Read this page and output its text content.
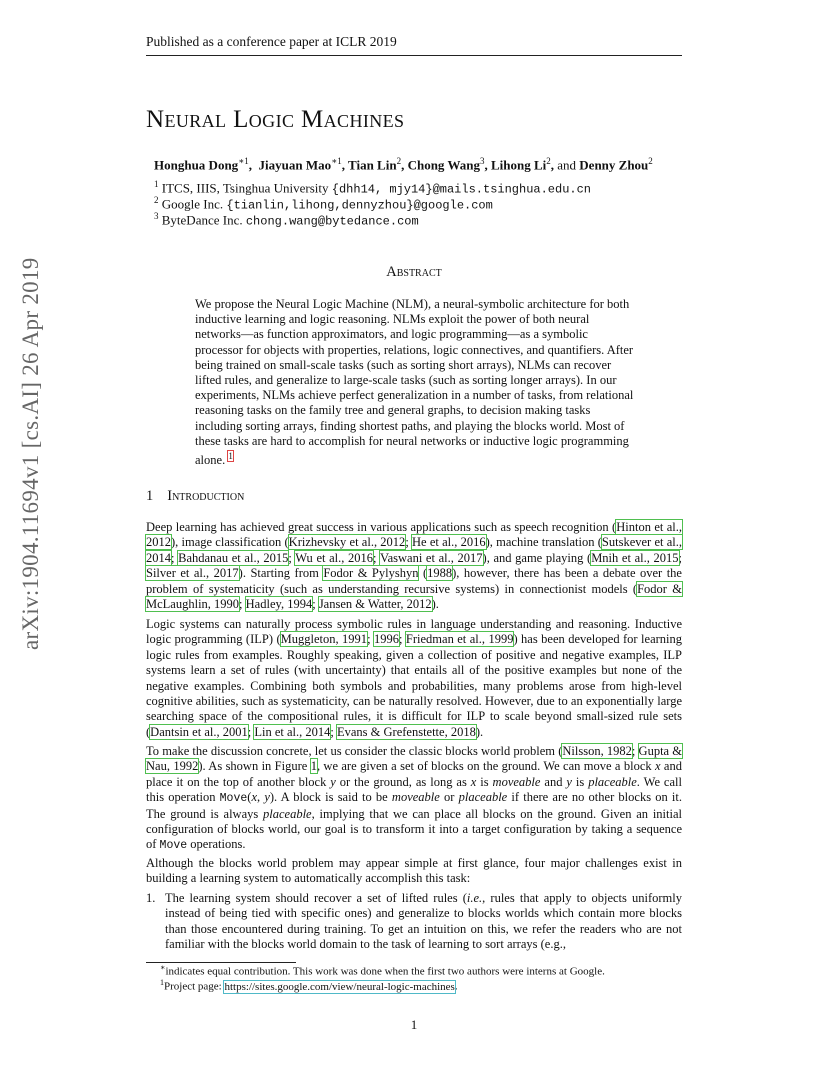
arXiv:1904.11694v1 [cs.AI] 26 Apr 2019
Published as a conference paper at ICLR 2019
Neural Logic Machines
Honghua Dong$^{∗1}$,  Jiayuan Mao$^{∗1}$, Tian Lin$^2$, Chong Wang$^3$, Lihong Li$^2$, and Denny Zhou$^2$
$^1$ ITCS, IIIS, Tsinghua University {dhh14, mjy14}@mails.tsinghua.edu.cn
$^2$ Google Inc. {tianlin,lihong,dennyzhou}@google.com
$^3$ ByteDance Inc. chong.wang@bytedance.com
Abstract
We propose the Neural Logic Machine (NLM), a neural-symbolic architecture for both inductive learning and logic reasoning. NLMs exploit the power of both neural networks—as function approximators, and logic programming—as a symbolic processor for objects with properties, relations, logic connectives, and quantifiers. After being trained on small-scale tasks (such as sorting short arrays), NLMs can recover lifted rules, and generalize to large-scale tasks (such as sorting longer arrays). In our experiments, NLMs achieve perfect generalization in a number of tasks, from relational reasoning tasks on the family tree and general graphs, to decision making tasks including sorting arrays, finding shortest paths, and playing the blocks world. Most of these tasks are hard to accomplish for neural networks or inductive logic programming alone. $^1$
1 Introduction
Deep learning has achieved great success in various applications such as speech recognition (Hinton et al., 2012), image classification (Krizhevsky et al., 2012; He et al., 2016), machine translation (Sutskever et al., 2014; Bahdanau et al., 2015; Wu et al., 2016; Vaswani et al., 2017), and game playing (Mnih et al., 2015; Silver et al., 2017). Starting from Fodor & Pylyshyn (1988), however, there has been a debate over the problem of systematicity (such as understanding recursive systems) in connectionist models (Fodor & McLaughlin, 1990; Hadley, 1994; Jansen & Watter, 2012).
Logic systems can naturally process symbolic rules in language understanding and reasoning. Inductive logic programming (ILP) (Muggleton, 1991; 1996; Friedman et al., 1999) has been developed for learning logic rules from examples. Roughly speaking, given a collection of positive and negative examples, ILP systems learn a set of rules (with uncertainty) that entails all of the positive examples but none of the negative examples. Combining both symbols and probabilities, many problems arose from high-level cognitive abilities, such as systematicity, can be naturally resolved. However, due to an exponentially large searching space of the compositional rules, it is difficult for ILP to scale beyond small-sized rule sets (Dantsin et al., 2001; Lin et al., 2014; Evans & Grefenstette, 2018).
To make the discussion concrete, let us consider the classic blocks world problem (Nilsson, 1982; Gupta & Nau, 1992). As shown in Figure 1, we are given a set of blocks on the ground. We can move a block x and place it on the top of another block y or the ground, as long as x is moveable and y is placeable. We call this operation Move(x, y). A block is said to be moveable or placeable if there are no other blocks on it. The ground is always placeable, implying that we can place all blocks on the ground. Given an initial configuration of blocks world, our goal is to transform it into a target configuration by taking a sequence of Move operations.
Although the blocks world problem may appear simple at first glance, four major challenges exist in building a learning system to automatically accomplish this task:
1. The learning system should recover a set of lifted rules (i.e., rules that apply to objects uniformly instead of being tied with specific ones) and generalize to blocks worlds which contain more blocks than those encountered during training. To get an intuition on this, we refer the readers who are not familiar with the blocks world domain to the task of learning to sort arrays (e.g.,
∗indicates equal contribution. This work was done when the first two authors were interns at Google.
$^1$Project page: https://sites.google.com/view/neural-logic-machines.
1
